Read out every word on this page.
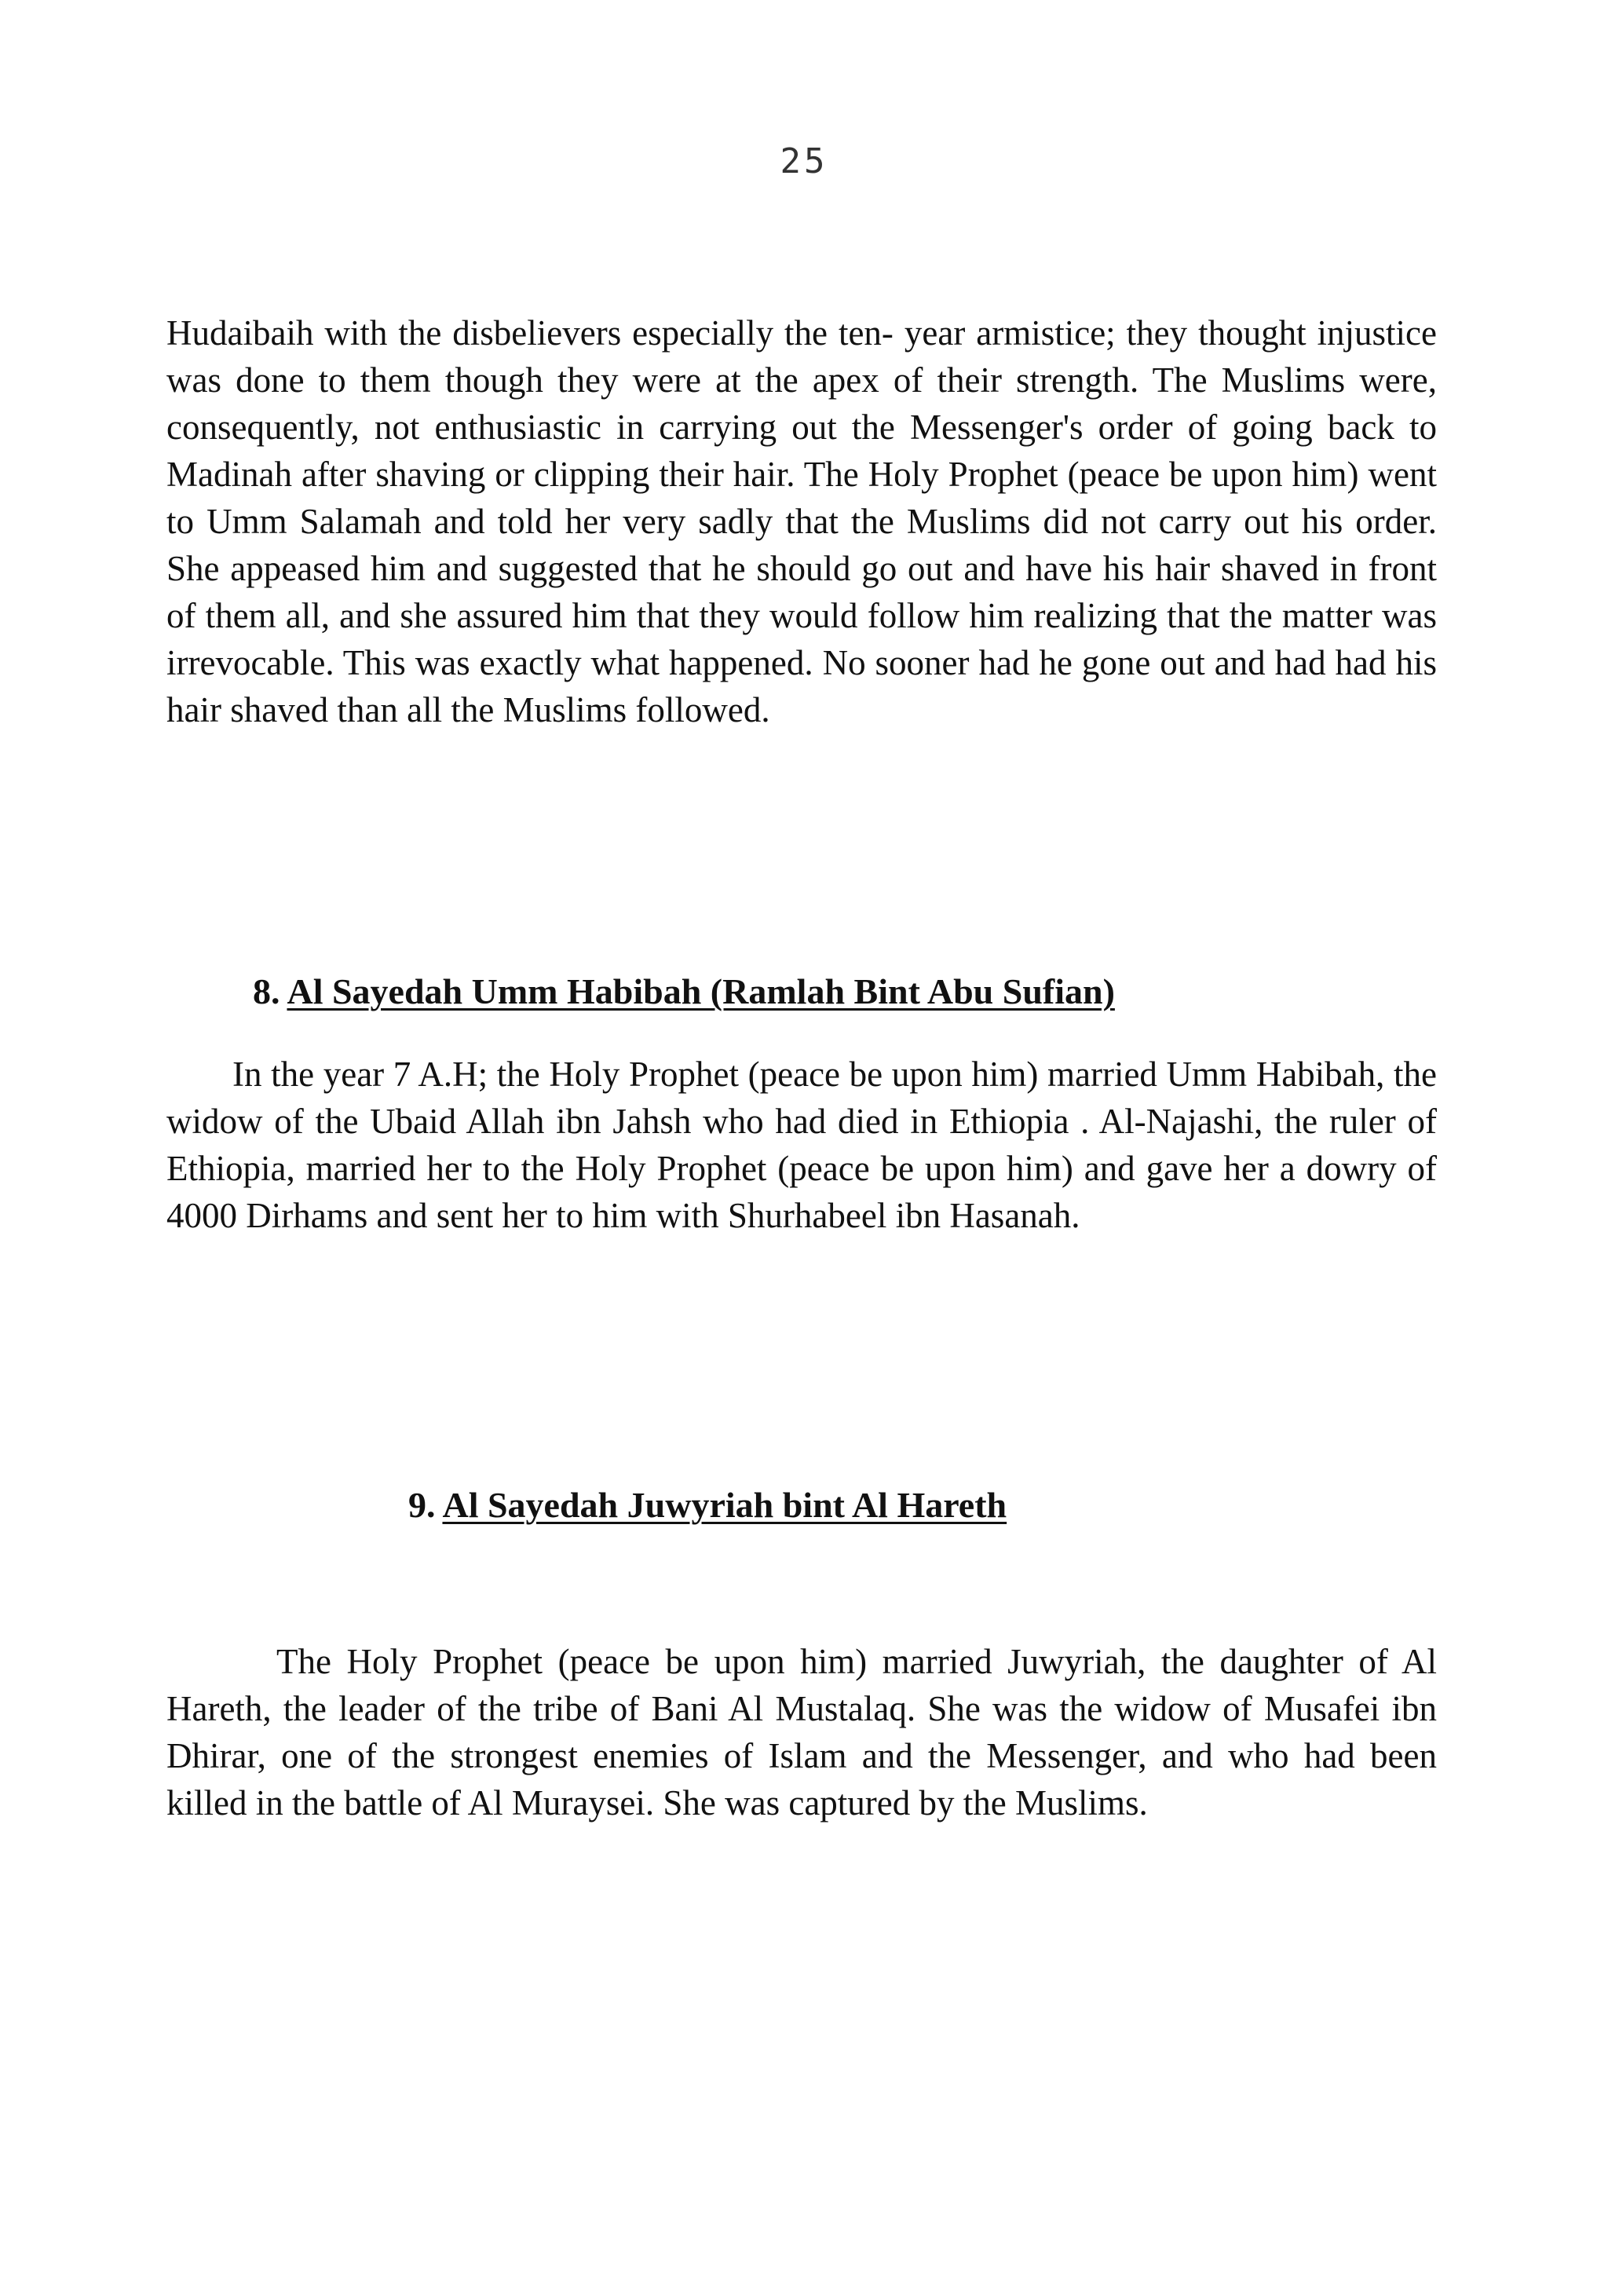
25

Hudaibaih with the disbelievers especially the ten- year armistice; they thought injustice was done to them though they were at the apex of their strength. The Muslims were, consequently, not enthusiastic in carrying out the Messenger's order of going back to Madinah after shaving or clipping their hair. The Holy Prophet (peace be upon him) went to Umm Salamah and told her very sadly that the Muslims did not carry out his order. She appeased him and suggested that he should go out and have his hair shaved in front of them all, and she assured him that they would follow him realizing that the matter was irrevocable. This was exactly what happened. No sooner had he gone out and had had his hair shaved than all the Muslims followed.

8. Al Sayedah Umm Habibah (Ramlah Bint Abu Sufian)

In the year 7 A.H; the Holy Prophet (peace be upon him) married Umm Habibah, the widow of the Ubaid Allah ibn Jahsh who had died in Ethiopia . Al-Najashi, the ruler of Ethiopia, married her to the Holy Prophet (peace be upon him) and gave her a dowry of 4000 Dirhams and sent her to him with Shurhabeel ibn Hasanah.

9. Al Sayedah Juwyriah bint Al Hareth

The Holy Prophet (peace be upon him) married Juwyriah, the daughter of Al Hareth, the leader of the tribe of Bani Al Mustalaq. She was the widow of Musafei ibn Dhirar, one of the strongest enemies of Islam and the Messenger, and who had been killed in the battle of Al Muraysei. She was captured by the Muslims.
